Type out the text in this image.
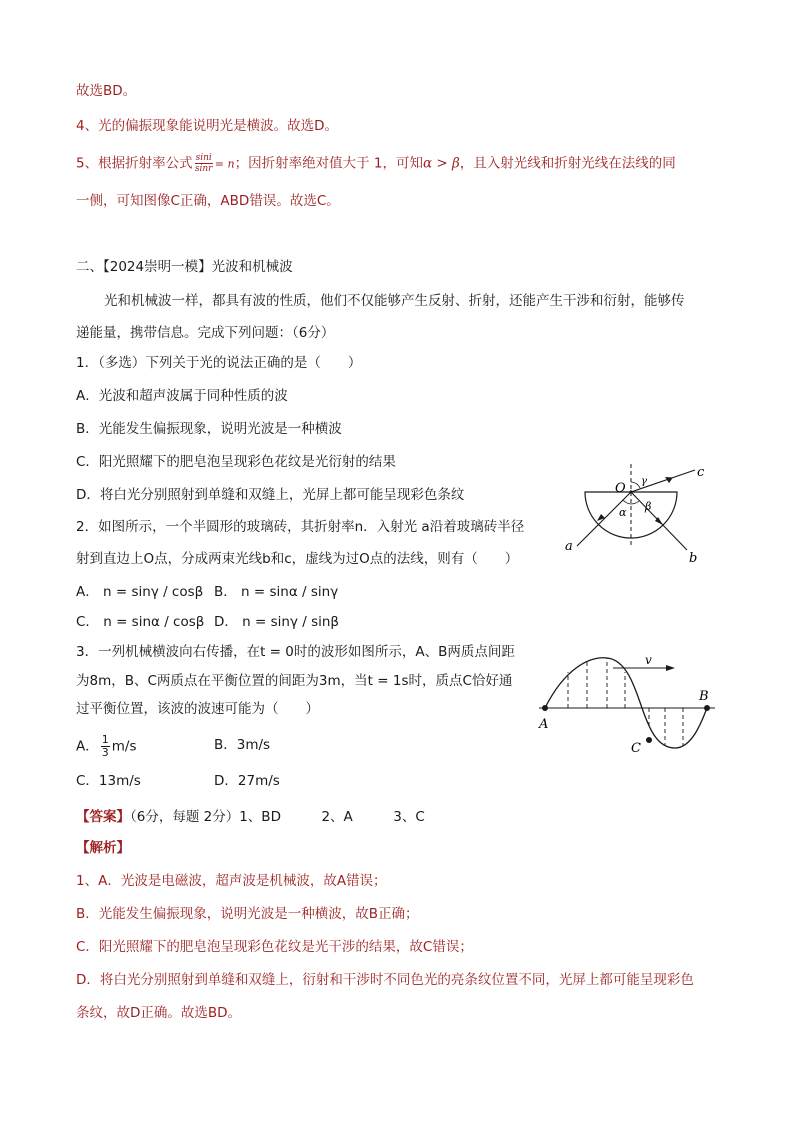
故选BD。
4、光的偏振现象能说明光是横波。故选D。
5、根据折射率公式 $\frac{\sin i}{\sin r} = n$；因折射率绝对值大于 1，可知α > β，且入射光线和折射光线在法线的同
一侧，可知图像C正确，ABD错误。故选C。
二、【2024崇明一模】光波和机械波
光和机械波一样，都具有波的性质，他们不仅能够产生反射、折射，还能产生干涉和衍射，能够传
递能量，携带信息。完成下列问题：（6分）
1．（多选）下列关于光的说法正确的是（　　）
A．光波和超声波属于同种性质的波
B．光能发生偏振现象，说明光波是一种横波
C．阳光照耀下的肥皂泡呈现彩色花纹是光衍射的结果
D．将白光分别照射到单缝和双缝上，光屏上都可能呈现彩色条纹
2．如图所示，一个半圆形的玻璃砖，其折射率n．入射光 a沿着玻璃砖半径
射到直边上O点，分成两束光线b和c，虚线为过O点的法线，则有（　　）
A． n = sinγ / cosβ B． n = sinα / sinγ
C． n = sinα / cosβ D． n = sinγ / sinβ
3．一列机械横波向右传播，在t = 0时的波形如图所示，A、B两质点间距
为8m，B、C两质点在平衡位置的间距为3m，当t = 1s时，质点C恰好通
过平衡位置，该波的波速可能为（　　）
A． $\frac{1}{3} m/s$	B．3m/s
C．13m/s	D．27m/s
【答案】（6分，每题 2分）1、BD　　　2、A　　　3、C
【解析】
1、A．光波是电磁波，超声波是机械波，故A错误；
B．光能发生偏振现象，说明光波是一种横波，故B正确；
C．阳光照耀下的肥皂泡呈现彩色花纹是光干涉的结果，故C错误；
D．将白光分别照射到单缝和双缝上，衍射和干涉时不同色光的亮条纹位置不同，光屏上都可能呈现彩色
条纹，故D正确。故选BD。
O γ
c
α β
a
b
v
A
B
C
